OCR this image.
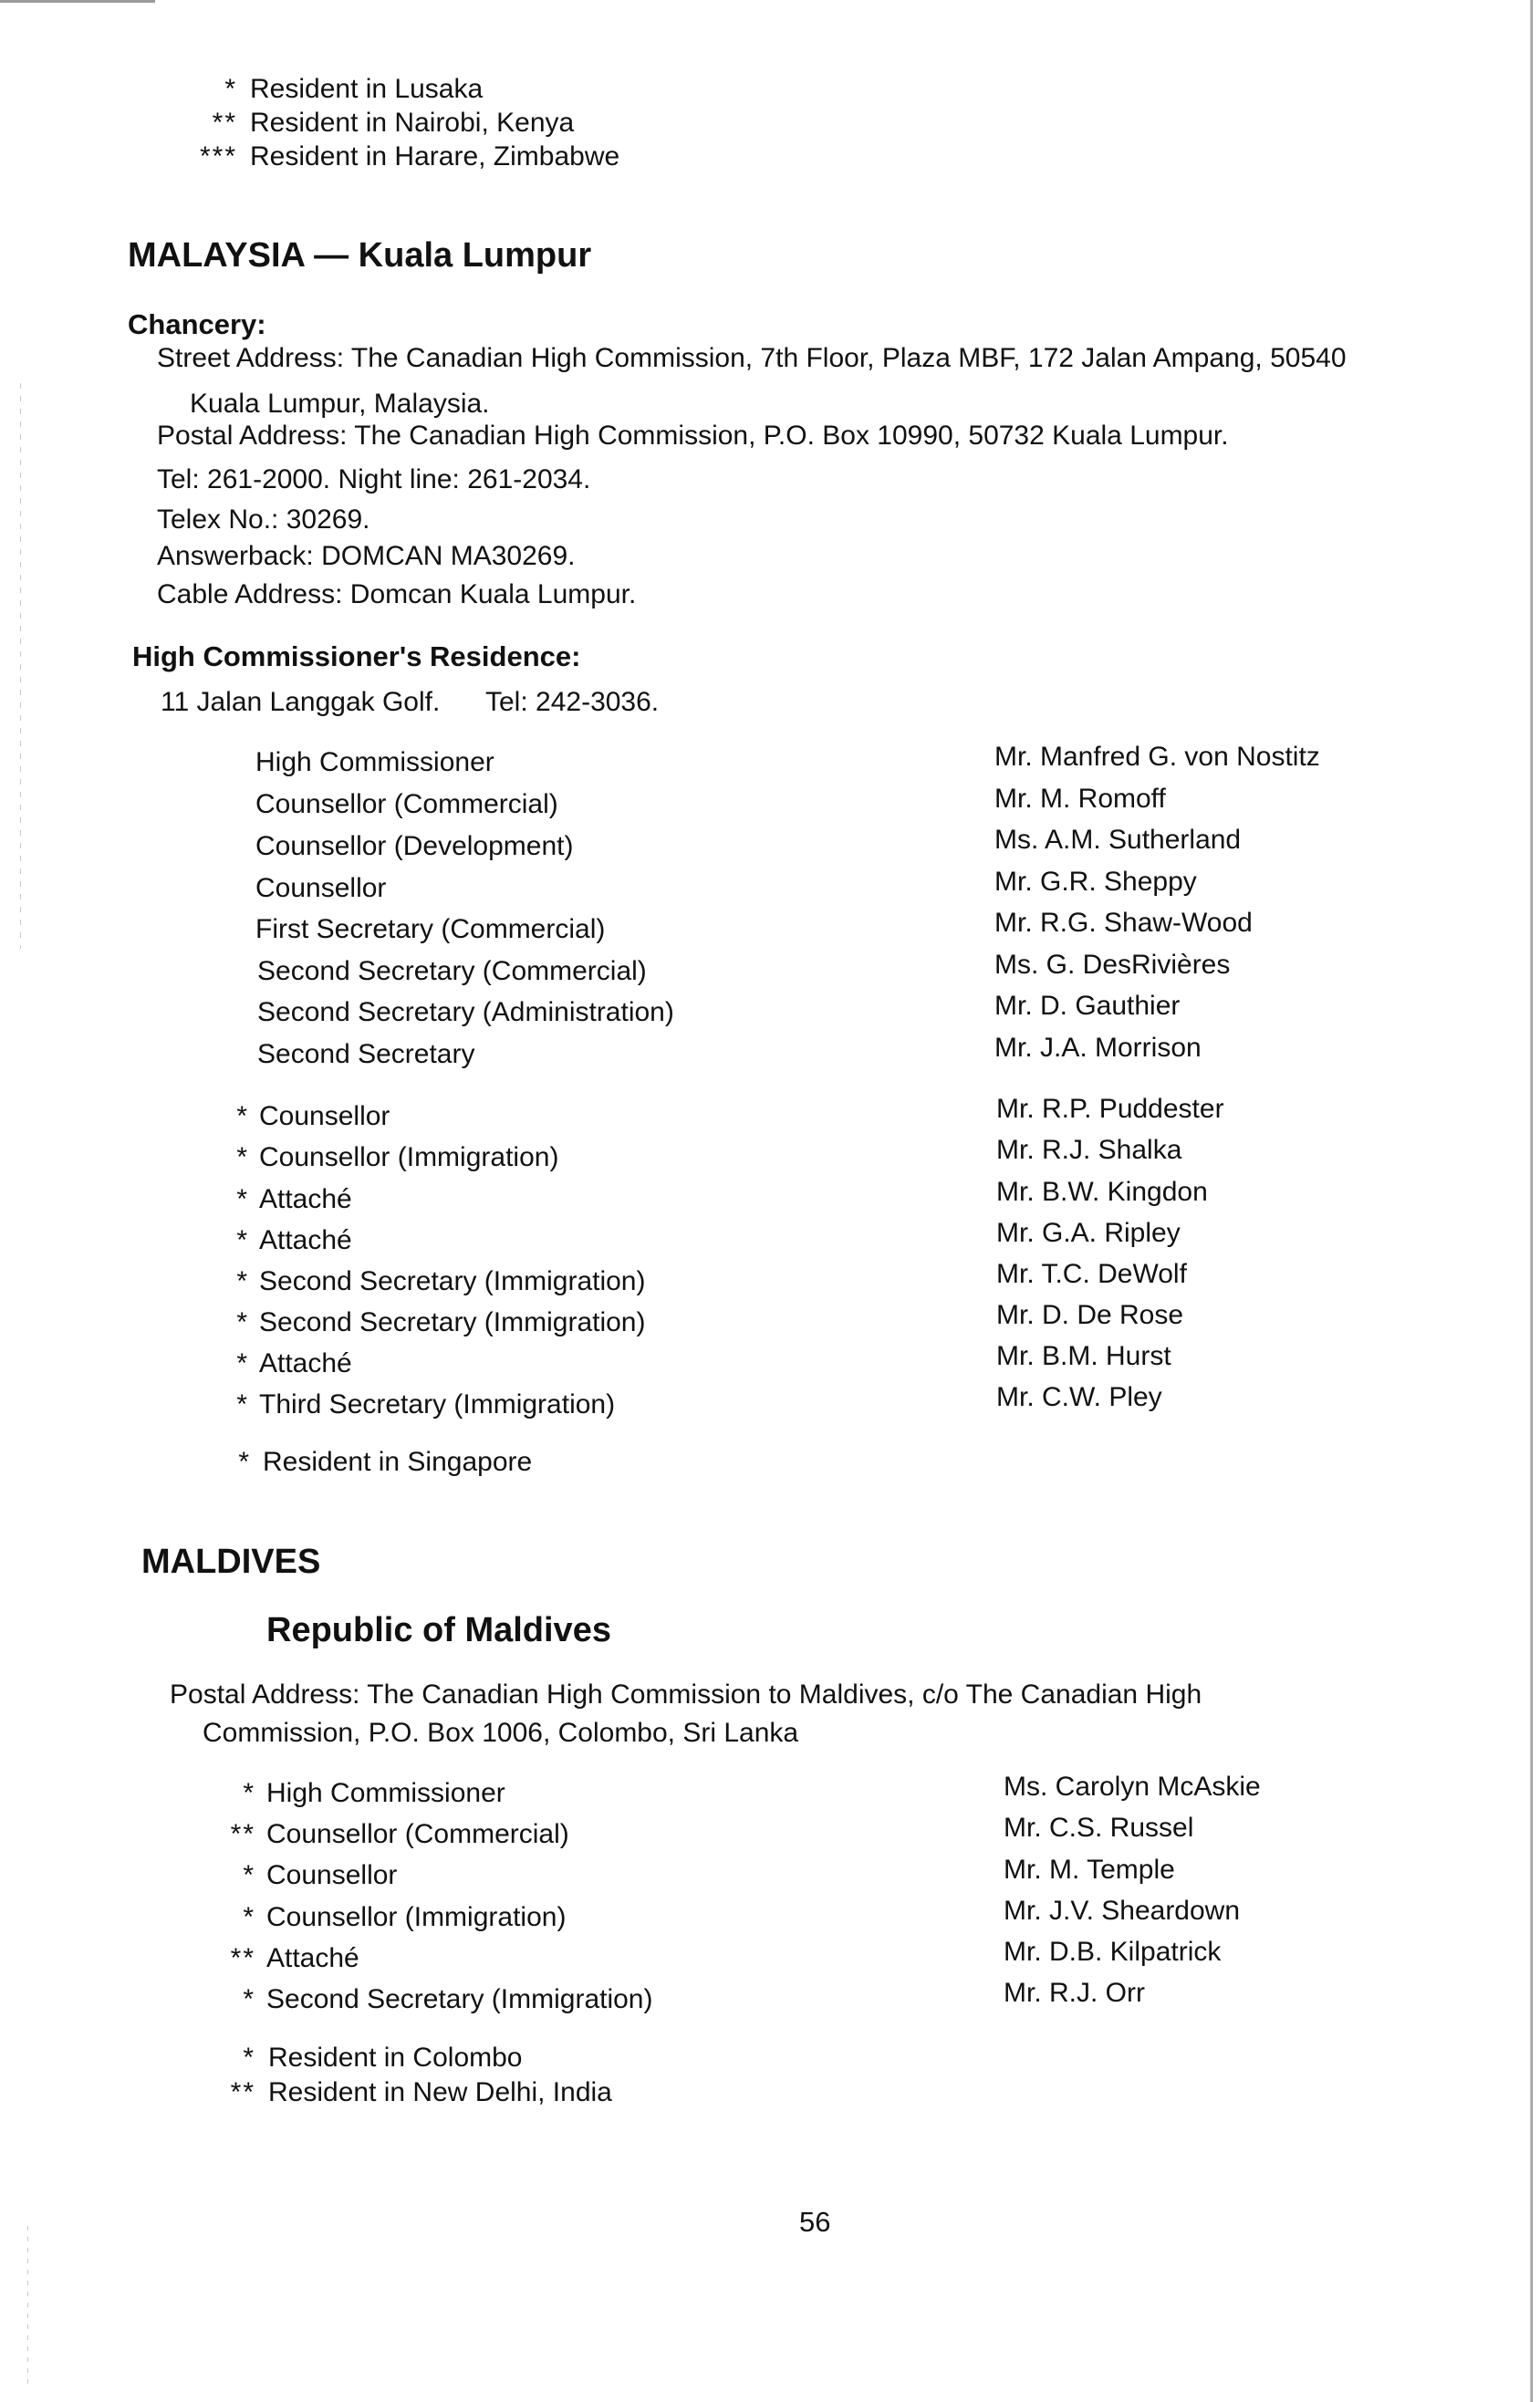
* Resident in Lusaka
** Resident in Nairobi, Kenya
*** Resident in Harare, Zimbabwe
MALAYSIA — Kuala Lumpur
Chancery:
Street Address: The Canadian High Commission, 7th Floor, Plaza MBF, 172 Jalan Ampang, 50540
Kuala Lumpur, Malaysia.
Postal Address: The Canadian High Commission, P.O. Box 10990, 50732 Kuala Lumpur.
Tel: 261-2000. Night line: 261-2034.
Telex No.: 30269.
Answerback: DOMCAN MA30269.
Cable Address: Domcan Kuala Lumpur.
High Commissioner's Residence:
11 Jalan Langgak Golf. Tel: 242-3036.
High Commissioner	Mr. Manfred G. von Nostitz
Counsellor (Commercial)	Mr. M. Romoff
Counsellor (Development)	Ms. A.M. Sutherland
Counsellor	Mr. G.R. Sheppy
First Secretary (Commercial)	Mr. R.G. Shaw-Wood
Second Secretary (Commercial)	Ms. G. DesRivières
Second Secretary (Administration)	Mr. D. Gauthier
Second Secretary	Mr. J.A. Morrison
* Counsellor	Mr. R.P. Puddester
* Counsellor (Immigration)	Mr. R.J. Shalka
* Attaché	Mr. B.W. Kingdon
* Attaché	Mr. G.A. Ripley
* Second Secretary (Immigration)	Mr. T.C. DeWolf
* Second Secretary (Immigration)	Mr. D. De Rose
* Attaché	Mr. B.M. Hurst
* Third Secretary (Immigration)	Mr. C.W. Pley
* Resident in Singapore
MALDIVES
Republic of Maldives
Postal Address: The Canadian High Commission to Maldives, c/o The Canadian High
Commission, P.O. Box 1006, Colombo, Sri Lanka
* High Commissioner	Ms. Carolyn McAskie
** Counsellor (Commercial)	Mr. C.S. Russel
* Counsellor	Mr. M. Temple
* Counsellor (Immigration)	Mr. J.V. Sheardown
** Attaché	Mr. D.B. Kilpatrick
* Second Secretary (Immigration)	Mr. R.J. Orr
* Resident in Colombo
** Resident in New Delhi, India
56
